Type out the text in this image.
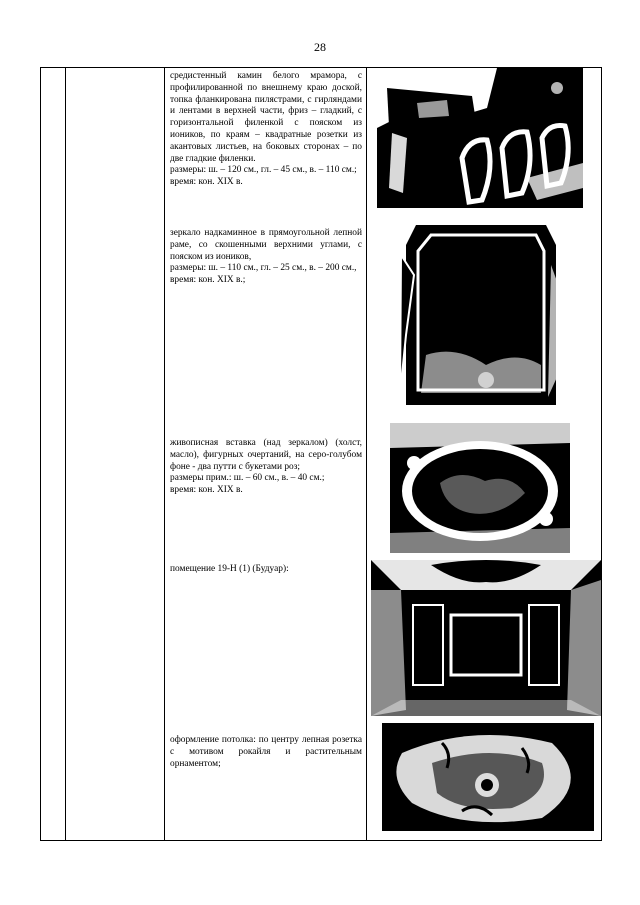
28

средистенный камин белого мрамора, с профилированной по внешнему краю доской, топка фланкирована пилястрами, с гирляндами и лентами в верхней части, фриз – гладкий, с горизонтальной филенкой с пояском из иоников, по краям – квадратные розетки из акантовых листьев, на боковых сторонах – по две гладкие филенки.

размеры: ш. – 120 см., гл. – 45 см., в. – 110 см.;

время: кон. XIX в.

зеркало надкаминное в прямоугольной лепной раме, со скошенными верхними углами, с пояском из иоников,

размеры: ш. – 110 см., гл. – 25 см., в. – 200 см.,

время: кон. XIX в.;

живописная вставка (над зеркалом) (холст, масло), фигурных очертаний, на серо-голубом фоне - два путти с букетами роз;

размеры прим.: ш. – 60 см., в. – 40 см.;

время: кон. XIX в.

помещение 19-Н (1) (Будуар):

оформление потолка: по центру лепная розетка с мотивом рокайля и растительным орнаментом;
